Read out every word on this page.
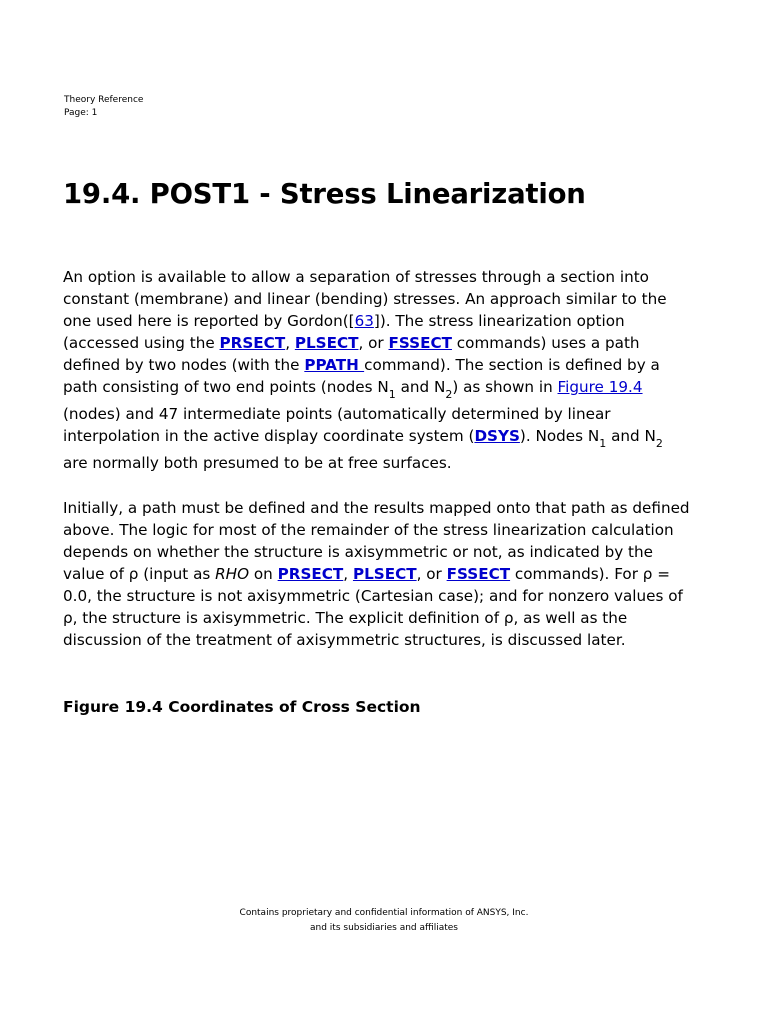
Theory Reference
Page: 1
19.4. POST1 - Stress Linearization
An option is available to allow a separation of stresses through a section into
constant (membrane) and linear (bending) stresses. An approach similar to the
one used here is reported by Gordon([63]). The stress linearization option
(accessed using the PRSECT, PLSECT, or FSSECT commands) uses a path
defined by two nodes (with the PPATH command). The section is defined by a
path consisting of two end points (nodes $N_1$ and $N_2$) as shown in Figure 19.4
(nodes) and 47 intermediate points (automatically determined by linear
interpolation in the active display coordinate system (DSYS). Nodes $N_1$ and $N_2$
are normally both presumed to be at free surfaces.
Initially, a path must be defined and the results mapped onto that path as defined
above. The logic for most of the remainder of the stress linearization calculation
depends on whether the structure is axisymmetric or not, as indicated by the
value of ρ (input as RHO on PRSECT, PLSECT, or FSSECT commands). For ρ =
0.0, the structure is not axisymmetric (Cartesian case); and for nonzero values of
ρ, the structure is axisymmetric. The explicit definition of ρ, as well as the
discussion of the treatment of axisymmetric structures, is discussed later.
Figure 19.4 Coordinates of Cross Section
Contains proprietary and confidential information of ANSYS, Inc.
and its subsidiaries and affiliates
